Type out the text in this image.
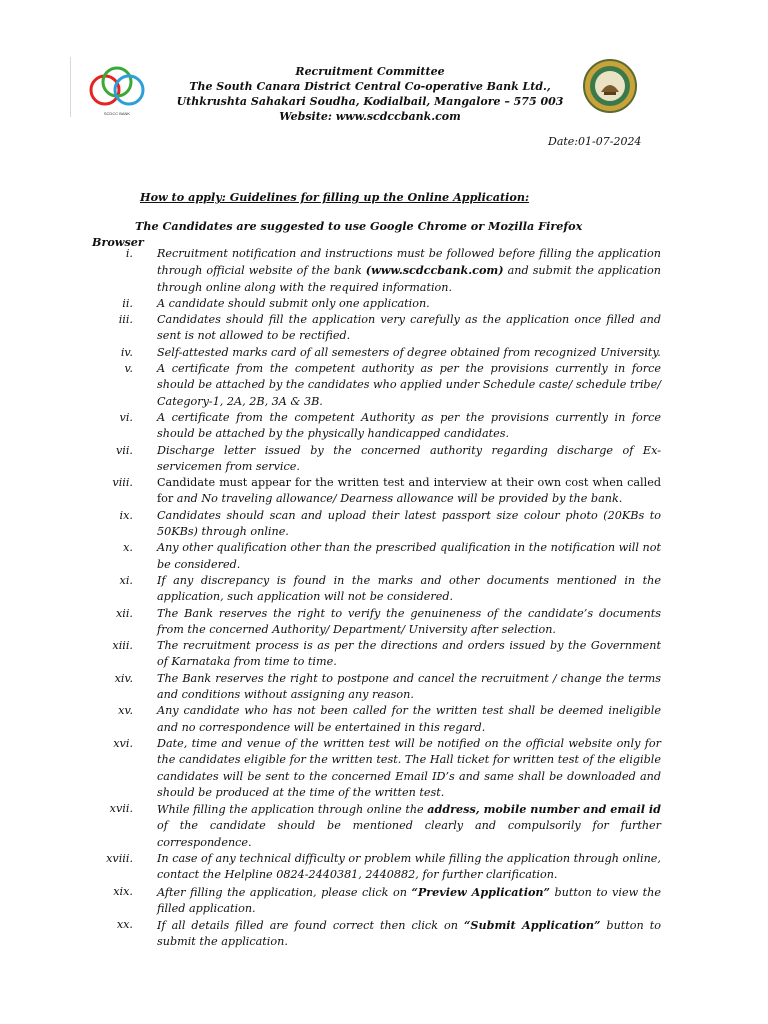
SCDCC BANK
Recruitment Committee
The South Canara District Central Co-operative Bank Ltd.,
Uthkrushta Sahakari Soudha, Kodialbail, Mangalore – 575 003
Website: www.scdccbank.com
Date:01-07-2024
How to apply: Guidelines for filling up the Online Application:
The Candidates are suggested to use Google Chrome or Mozilla Firefox
Browser
i. Recruitment notification and instructions must be followed before filling the application through official website of the bank (www.scdccbank.com) and submit the application through online along with the required information.
ii. A candidate should submit only one application.
iii. Candidates should fill the application very carefully as the application once filled and sent is not allowed to be rectified.
iv. Self-attested marks card of all semesters of degree obtained from recognized University.
v. A certificate from the competent authority as per the provisions currently in force should be attached by the candidates who applied under Schedule caste/ schedule tribe/ Category-1, 2A, 2B, 3A & 3B.
vi. A certificate from the competent Authority as per the provisions currently in force should be attached by the physically handicapped candidates.
vii. Discharge letter issued by the concerned authority regarding discharge of Ex-servicemen from service.
viii. Candidate must appear for the written test and interview at their own cost when called for and No traveling allowance/ Dearness allowance will be provided by the bank.
ix. Candidates should scan and upload their latest passport size colour photo (20KBs to 50KBs) through online.
x. Any other qualification other than the prescribed qualification in the notification will not be considered.
xi. If any discrepancy is found in the marks and other documents mentioned in the application, such application will not be considered.
xii. The Bank reserves the right to verify the genuineness of the candidate’s documents from the concerned Authority/ Department/ University after selection.
xiii. The recruitment process is as per the directions and orders issued by the Government of Karnataka from time to time.
xiv. The Bank reserves the right to postpone and cancel the recruitment / change the terms and conditions without assigning any reason.
xv. Any candidate who has not been called for the written test shall be deemed ineligible and no correspondence will be entertained in this regard.
xvi. Date, time and venue of the written test will be notified on the official website only for the candidates eligible for the written test. The Hall ticket for written test of the eligible candidates will be sent to the concerned Email ID’s and same shall be downloaded and should be produced at the time of the written test.
xvii. While filling the application through online the address, mobile number and email id of the candidate should be mentioned clearly and compulsorily for further correspondence.
xviii. In case of any technical difficulty or problem while filling the application through online, contact the Helpline 0824-2440381, 2440882, for further clarification.
xix. After filling the application, please click on “Preview Application” button to view the filled application.
xx. If all details filled are found correct then click on “Submit Application” button to submit the application.
